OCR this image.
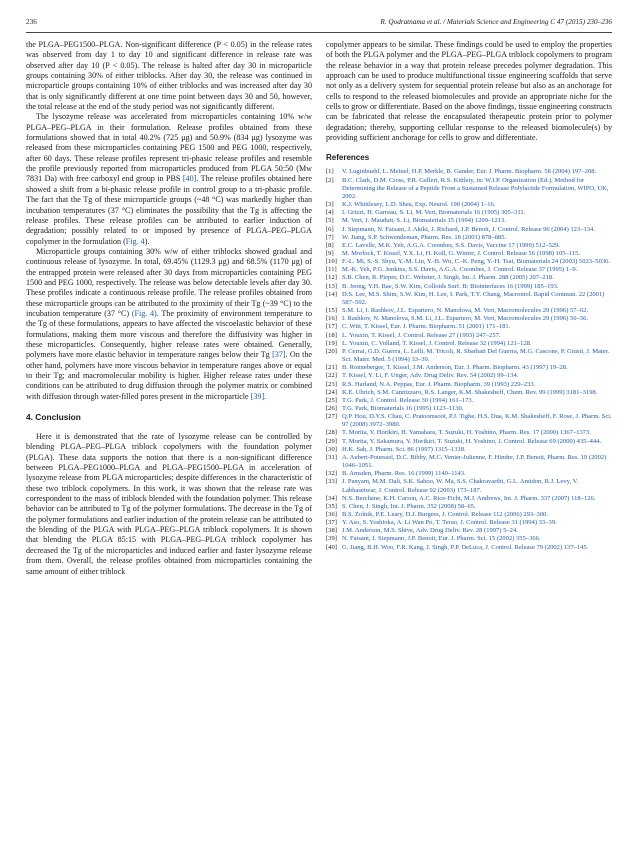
236	R. Qodratnama et al. / Materials Science and Engineering C 47 (2015) 230–236

the PLGA–PEG1500–PLGA. Non-significant difference (P < 0.05) in the release rates was observed from day 1 to day 10 and significant difference in release rate was observed after day 10 (P < 0.05). The release is halted after day 30 in microparticle groups containing 30% of either triblocks. After day 30, the release was continued in microparticle groups containing 10% of either triblocks and was increased after day 30 that is only significantly different at one time point between days 30 and 50, however, the total release at the end of the study period was not significantly different.

The lysozyme release was accelerated from microparticles containing 10% w/w PLGA–PEG–PLGA in their formulation. Release profiles obtained from these formulations showed that in total 40.2% (725 μg) and 50.9% (834 μg) lysozyme was released from these microparticles containing PEG 1500 and PEG 1000, respectively, after 60 days. These release profiles represent tri-phasic release profiles and resemble the profile previously reported from microparticles produced from PLGA 50:50 (Mw 7831 Da) with free carboxyl end group in PBS [40]. The release profiles obtained here showed a shift from a bi-phasic release profile in control group to a tri-phasic profile. The fact that the Tg of these microparticle groups (~48 °C) was markedly higher than incubation temperatures (37 °C) eliminates the possibility that the Tg is affecting the release profiles. These release profiles can be attributed to earlier induction of degradation; possibly related to or imposed by presence of PLGA–PEG–PLGA copolymer in the formulation (Fig. 4).

Microparticle groups containing 30% w/w of either triblocks showed gradual and continuous release of lysozyme. In total, 69.45% (1129.3 μg) and 68.5% (1170 μg) of the entrapped protein were released after 30 days from microparticles containing PEG 1500 and PEG 1000, respectively. The release was below detectable levels after day 30. These profiles indicate a continuous release profile. The release profiles obtained from these microparticle groups can be attributed to the proximity of their Tg (~39 °C) to the incubation temperature (37 °C) (Fig. 4). The proximity of environment temperature to the Tg of these formulations, appears to have affected the viscoelastic behavior of these formulations, making them more viscous and therefore the diffusivity was higher in these microparticles. Consequently, higher release rates were obtained. Generally, polymers have more elastic behavior in temperature ranges below their Tg [37]. On the other hand, polymers have more viscous behavior in temperature ranges above or equal to their Tg; and macromolecular mobility is higher. Higher release rates under these conditions can be attributed to drug diffusion through the polymer matrix or combined with diffusion through water-filled pores present in the microparticle [39].

4. Conclusion

Here it is demonstrated that the rate of lysozyme release can be controlled by blending PLGA–PEG–PLGA triblock copolymers with the foundation polymer (PLGA). These data supports the notion that there is a non-significant difference between PLGA–PEG1000–PLGA and PLGA–PEG1500–PLGA in acceleration of lysozyme release from PLGA microparticles; despite differences in the characteristic of these two triblock copolymers. In this work, it was shown that the release rate was correspondent to the mass of triblock blended with the foundation polymer. This release behavior can be attributed to Tg of the polymer formulations. The decrease in the Tg of the polymer formulations and earlier induction of the protein release can be attributed to the blending of the PLGA with PLGA–PEG–PLGA triblock copolymers. It is shown that blending the PLGA 85:15 with PLGA–PEG–PLGA triblock copolymer has decreased the Tg of the microparticles and induced earlier and faster lysozyme release from them. Overall, the release profiles obtained from microparticles containing the same amount of either triblock

copolymer appears to be similar. These findings could be used to employ the properties of both the PLGA polymer and the PLGA–PEG–PLGA triblock copolymers to program the release behavior in a way that protein release precedes polymer degradation. This approach can be used to produce multifunctional tissue engineering scaffolds that serve not only as a delivery system for sequential protein release but also as an anchorage for cells to respond to the released biomolecules and provide an appropriate niche for the cells to grow or differentiate. Based on the above findings, tissue engineering constructs can be fabricated that release the encapsulated therapeutic protein prior to polymer degradation; thereby, supporting cellular response to the released biomolecule(s) by providing sufficient anchorage for cells to grow and differentiate.

References
[1] V. Luginbuehl, L. Meinel, H.P. Merkle, B. Gander, Eur. J. Pharm. Biopharm. 58 (2004) 197–208.
[2] B.C. Clark, D.M. Cross, P.R. Gellert, R.S. Kittlety, in: W.I.P. Organization (Ed.), Method for Determining the Release of a Peptide From a Sustained Release Polylactide Formulation, WIPO, UK, 2002.
[3] K.J. Whittlesey, L.D. Shea, Exp. Neurol. 190 (2004) 1–16.
[4] I. Grizzi, H. Garreau, S. Li, M. Vert, Biomaterials 16 (1995) 305–311.
[5] M. Vert, J. Mauduit, S. Li, Biomaterials 15 (1994) 1209–1213.
[6] J. Siepmann, N. Faisant, J. Akiki, J. Richard, J.P. Benoit, J. Control. Release 96 (2004) 123–134.
[7] W. Jiang, S.P. Schwendeman, Pharm. Res. 18 (2001) 878–885.
[8] E.C. Lavelle, M.K. Yeh, A.G.A. Coombes, S.S. Davis, Vaccine 17 (1999) 512–529.
[9] M. Morlock, T. Kissel, Y.X. Li, H. Koll, G. Winter, J. Control. Release 56 (1998) 105–115.
[10] F.-L. Mi, S.-S. Shyu, Y.-M. Lin, Y.-B. Wu, C.-K. Peng, Y.-H. Tsai, Biomaterials 24 (2003) 5023–5036.
[11] M.-K. Yeh, P.G. Jenkins, S.S. Davis, A.G.A. Coombes, J. Control. Release 37 (1995) 1–9.
[12] S.B. Chen, R. Pieper, D.C. Webster, J. Singh, Int. J. Pharm. 288 (2005) 207–218.
[13] B. Jeong, Y.H. Bae, S.W. Kim, Colloids Surf. B: Biointerfaces 16 (1999) 185–193.
[14] D.S. Lee, M.S. Shim, S.W. Kim, H. Lee, I. Park, T.Y. Chang, Macromol. Rapid Commun. 22 (2001) 587–592.
[15] S.M. Li, I. Rashkov, J.L. Espartero, N. Manolova, M. Vert, Macromolecules 29 (1996) 57–62.
[16] I. Rashkov, N. Manolova, S.M. Li, J.L. Espartero, M. Vert, Macromolecules 29 (1996) 50–56.
[17] C. Witt, T. Kissel, Eur. J. Pharm. Biopharm. 51 (2001) 171–181.
[18] L. Youxin, T. Kissel, J. Control. Release 27 (1993) 247–257.
[19] L. Youxin, C. Volland, T. Kissel, J. Control. Release 32 (1994) 121–128.
[20] P. Cerrai, G.D. Guerra, L. Lelli, M. Tricoli, R. Sbarbati Del Guerra, M.G. Cascone, P. Giusti, J. Mater. Sci. Mater. Med. 5 (1994) 33–39.
[21] B. Ronneberger, T. Kissel, J.M. Anderson, Eur. J. Pharm. Biopharm. 43 (1997) 19–28.
[22] T. Kissel, Y. Li, F. Unger, Adv. Drug Deliv. Rev. 54 (2002) 99–134.
[23] R.S. Harland, N.A. Peppas, Eur. J. Pharm. Biopharm. 39 (1993) 229–233.
[24] K.E. Uhrich, S.M. Cannizzaro, R.S. Langer, K.M. Shakesheff, Chem. Rev. 99 (1999) 3181–3198.
[25] T.G. Park, J. Control. Release 30 (1994) 161–173.
[26] T.G. Park, Biomaterials 16 (1995) 1123–1130.
[27] Q.P. Hou, D.Y.S. Chau, C. Pratoomsoot, P.J. Tighe, H.S. Dua, K.M. Shakesheff, F. Rose, J. Pharm. Sci. 97 (2008) 3972–3980.
[28] T. Morita, Y. Horikiri, H. Yamahara, T. Suzuki, H. Yoshino, Pharm. Res. 17 (2000) 1367–1373.
[29] T. Morita, Y. Sakamura, Y. Horikiri, T. Suzuki, H. Yoshino, J. Control. Release 69 (2000) 435–444.
[30] H.K. Sah, J. Pharm. Sci. 86 (1997) 1315–1318.
[31] A. Aubert-Pouessel, D.C. Bibby, M.C. Venier-Julienne, F. Hindre, J.P. Benoit, Pharm. Res. 19 (2002) 1046–1051.
[32] B. Amsden, Pharm. Res. 16 (1999) 1140–1143.
[33] J. Panyam, M.M. Dali, S.K. Sahoo, W. Ma, S.S. Chakravarthi, G.L. Amidon, R.J. Levy, V. Labhasetwar, J. Control. Release 92 (2003) 173–187.
[34] N.S. Berchane, K.H. Carson, A.C. Rice-Ficht, M.J. Andrews, Int. J. Pharm. 337 (2007) 118–126.
[35] S. Chen, J. Singh, Int. J. Pharm. 352 (2008) 58–65.
[36] B.S. Zolnik, P.E. Leary, D.J. Burgess, J. Control. Release 112 (2006) 293–300.
[37] Y. Aso, S. Yoshioka, A. Li Wan Po, T. Terao, J. Control. Release 31 (1994) 33–39.
[38] J.M. Anderson, M.S. Shive, Adv. Drug Deliv. Rev. 28 (1997) 5–24.
[39] N. Faisant, J. Siepmann, J.P. Benoit, Eur. J. Pharm. Sci. 15 (2002) 355–366.
[40] G. Jiang, B.H. Woo, F.R. Kang, J. Singh, P.P. DeLuca, J. Control. Release 79 (2002) 137–145.
